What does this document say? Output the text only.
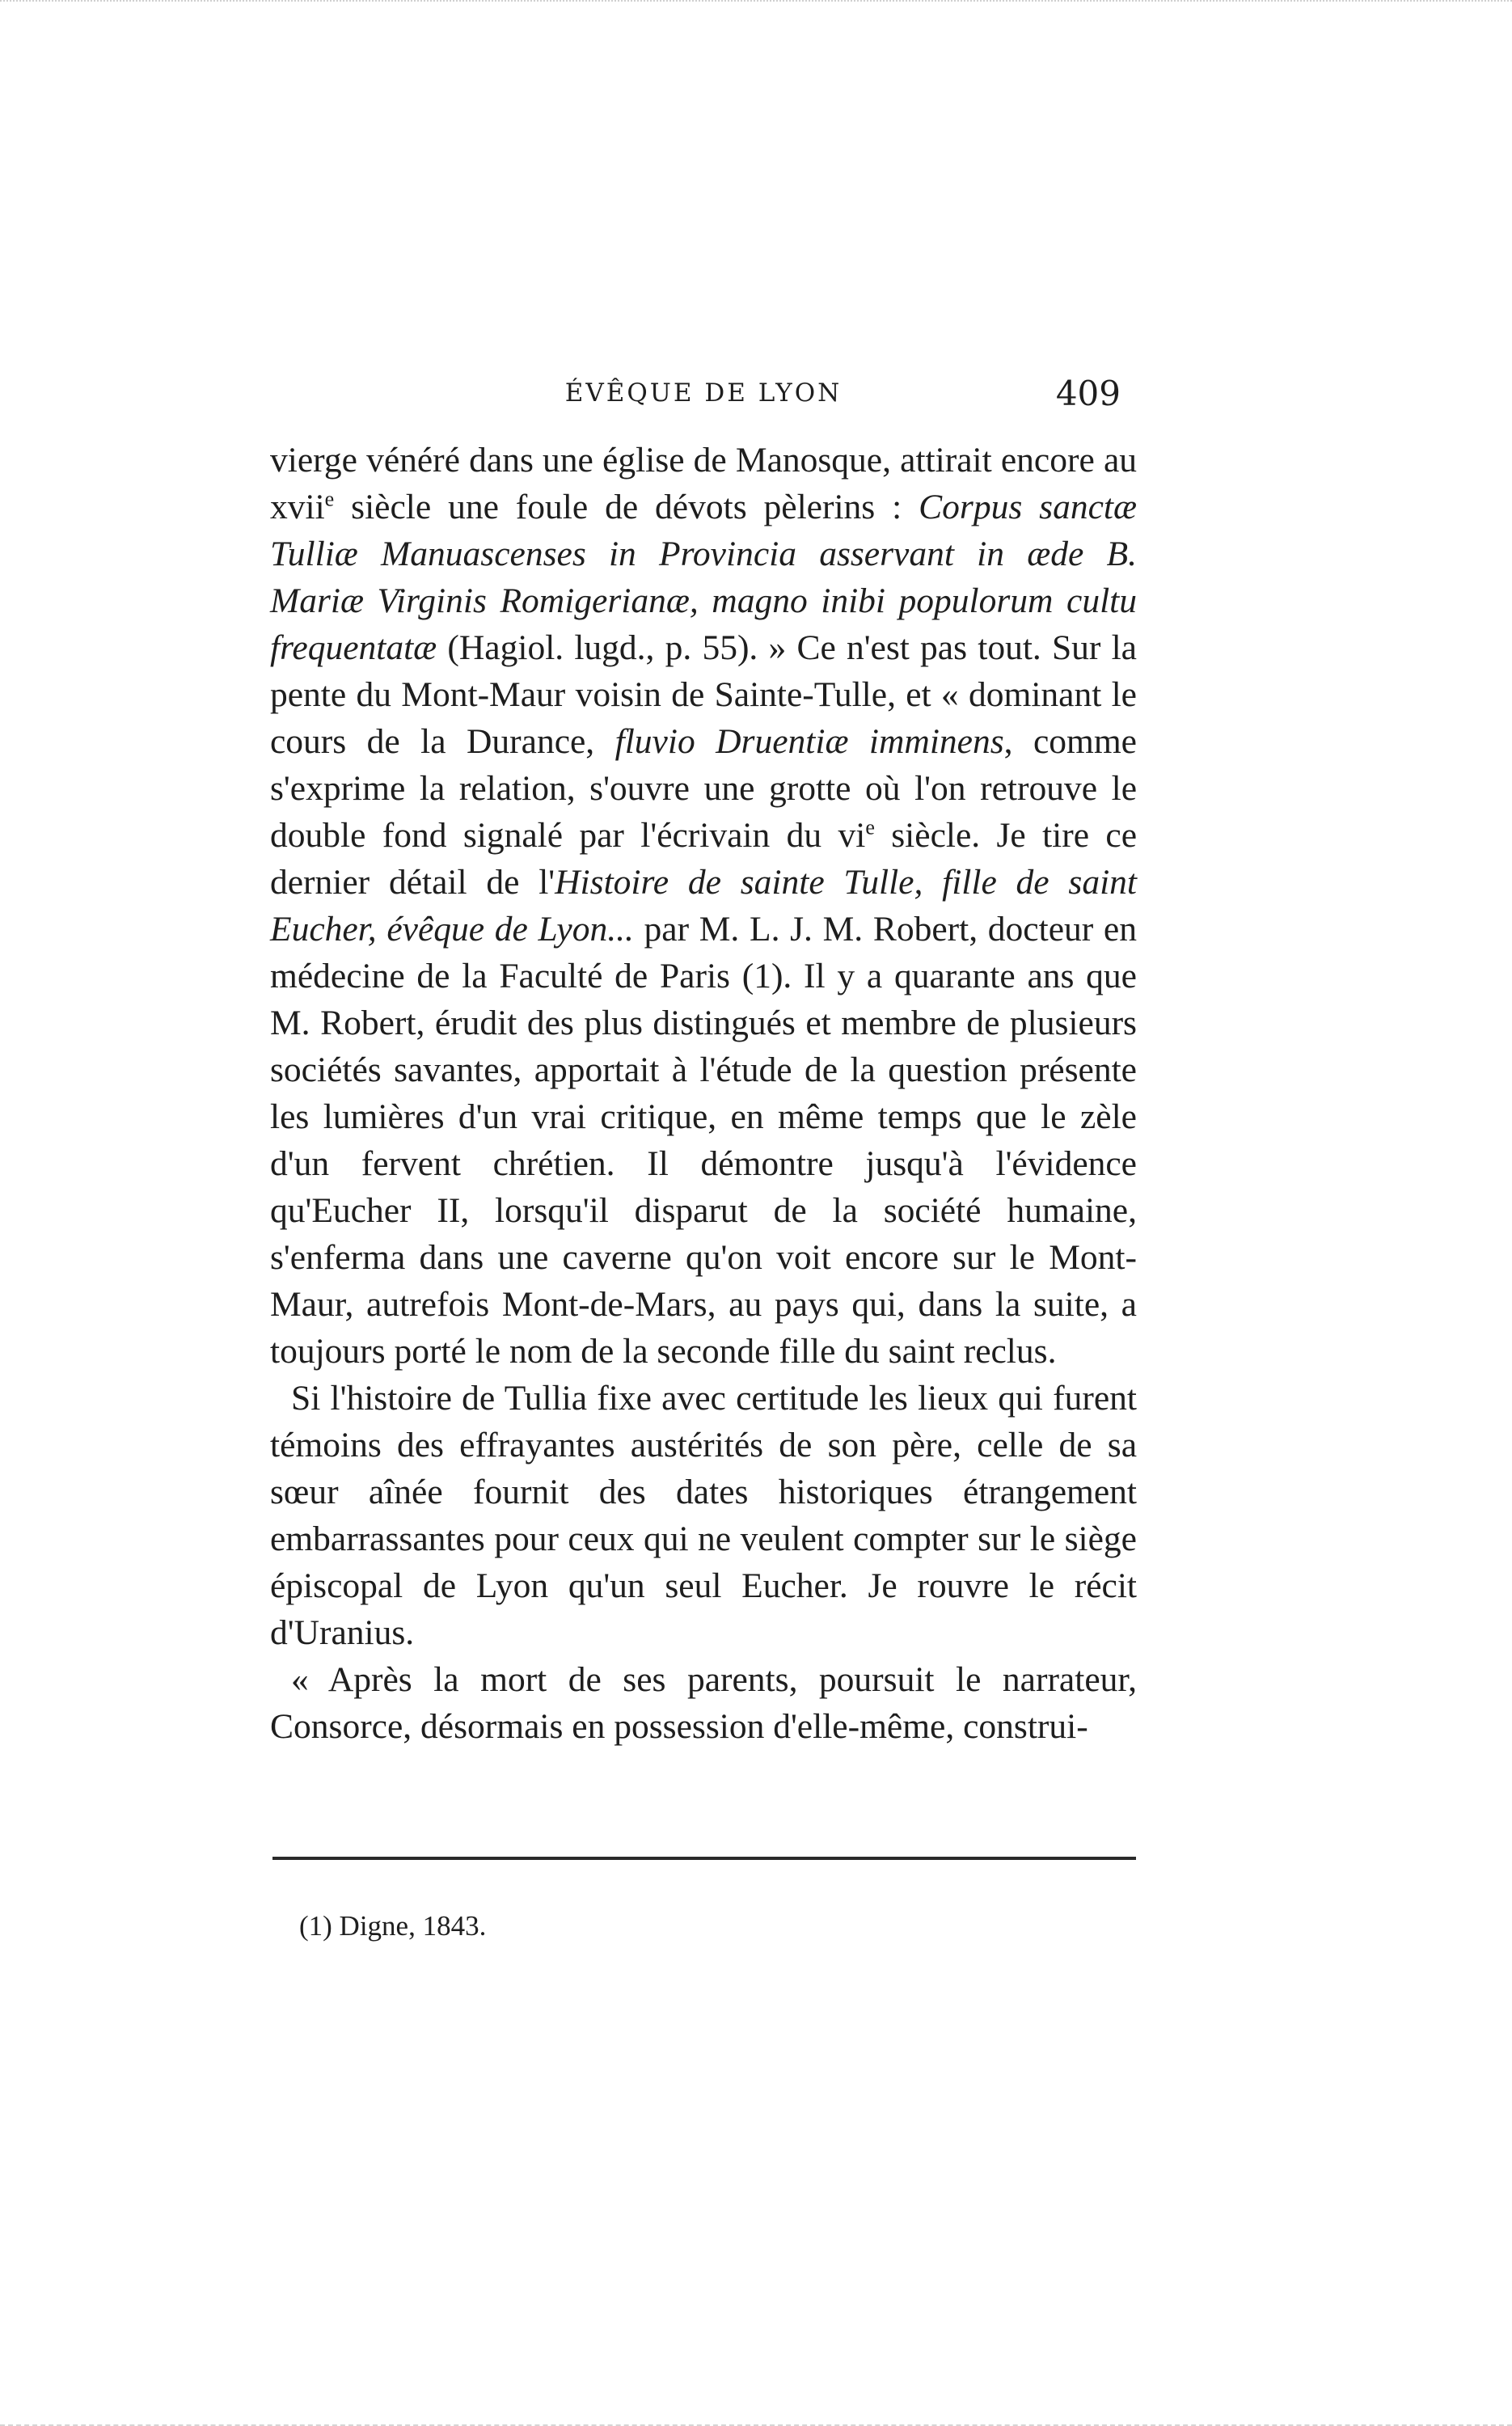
ÉVÊQUE DE LYON	409

vierge vénéré dans une église de Manosque, attirait encore au xvii$^e$ siècle une foule de dévots pèlerins : Corpus sanctæ Tulliæ Manuascenses in Provincia asservant in æde B. Mariæ Virginis Romigerianæ, magno inibi populorum cultu frequentatæ (Hagiol. lugd., p. 55). » Ce n'est pas tout. Sur la pente du Mont-Maur voisin de Sainte-Tulle, et « dominant le cours de la Durance, fluvio Druentiæ imminens, comme s'exprime la relation, s'ouvre une grotte où l'on retrouve le double fond signalé par l'écrivain du $vi^e$ siècle. Je tire ce dernier détail de l'Histoire de sainte Tulle, fille de saint Eucher, évêque de Lyon... par M. L. J. M. Robert, docteur en médecine de la Faculté de Paris (1). Il y a quarante ans que M. Robert, érudit des plus distingués et membre de plusieurs sociétés savantes, apportait à l'étude de la question présente les lumières d'un vrai critique, en même temps que le zèle d'un fervent chrétien. Il démontre jusqu'à l'évidence qu'Eucher II, lorsqu'il disparut de la société humaine, s'enferma dans une caverne qu'on voit encore sur le Mont-Maur, autrefois Mont-de-Mars, au pays qui, dans la suite, a toujours porté le nom de la seconde fille du saint reclus.

Si l'histoire de Tullia fixe avec certitude les lieux qui furent témoins des effrayantes austérités de son père, celle de sa sœur aînée fournit des dates historiques étrangement embarrassantes pour ceux qui ne veulent compter sur le siège épiscopal de Lyon qu'un seul Eucher. Je rouvre le récit d'Uranius.

« Après la mort de ses parents, poursuit le narrateur, Consorce, désormais en possession d'elle-même, construi-

(1) Digne, 1843.
